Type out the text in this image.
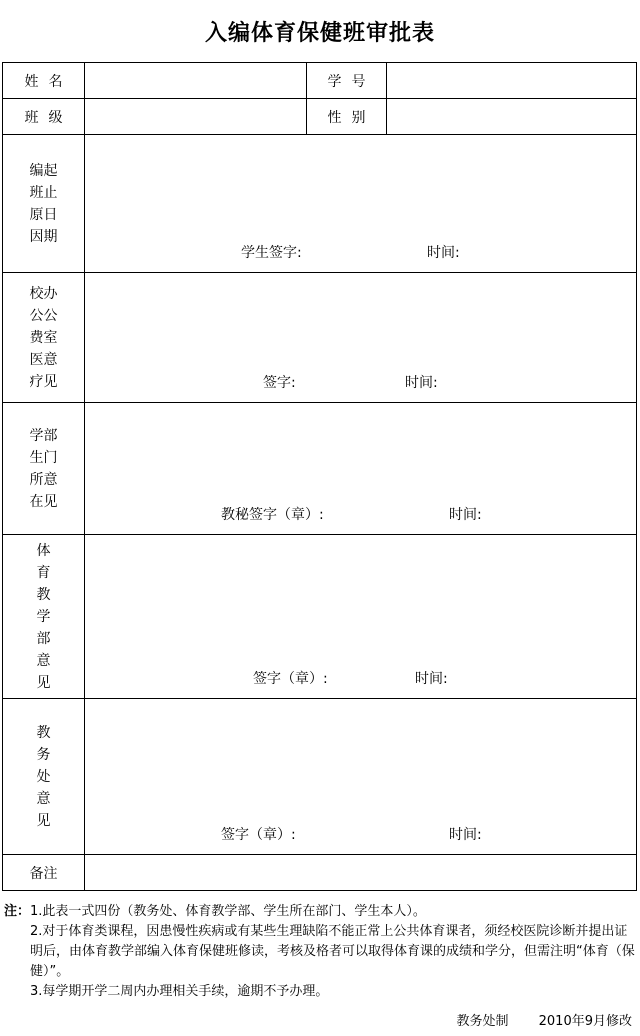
入编体育保健班审批表
姓名		学号	
班级		性别	
编起班止原日因期	学生签字: 时间:		

校办公公费室医意疗见	签字: 时间:		

学部生门所意在见	教秘签字（章）: 时间:		

体育教学部意见	签字（章）: 时间:		

教务处意见	签字（章）: 时间:		

备注			
注：1.此表一式四份（教务处、体育教学部、学生所在部门、学生本人）。
2.对于体育类课程，因患慢性疾病或有某些生理缺陷不能正常上公共体育课者，须经校医院诊断并提出证明后，由体育教学部编入体育保健班修读，考核及格者可以取得体育课的成绩和学分，但需注明“体育（保健）”。
3.每学期开学二周内办理相关手续，逾期不予办理。
教务处制 2010年9月修改
